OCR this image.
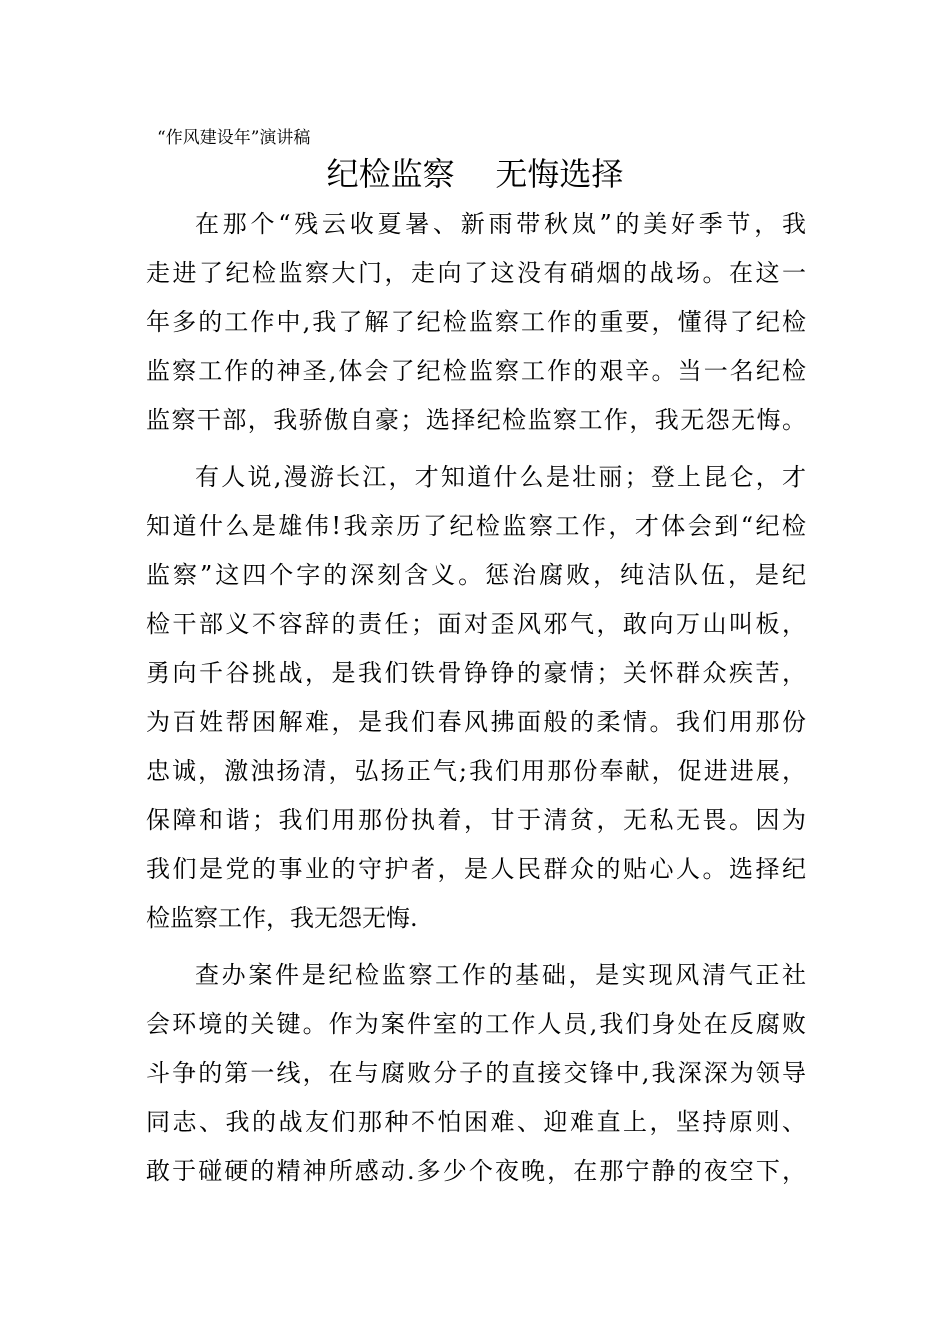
“作风建设年”演讲稿
纪检监察    无悔选择
在那个“残云收夏暑、新雨带秋岚”的美好季节，我
走进了纪检监察大门，走向了这没有硝烟的战场。在这一
年多的工作中,我了解了纪检监察工作的重要，懂得了纪检
监察工作的神圣,体会了纪检监察工作的艰辛。当一名纪检
监察干部，我骄傲自豪；选择纪检监察工作，我无怨无悔。
有人说,漫游长江，才知道什么是壮丽；登上昆仑，才
知道什么是雄伟!我亲历了纪检监察工作，才体会到“纪检
监察”这四个字的深刻含义。惩治腐败，纯洁队伍，是纪
检干部义不容辞的责任；面对歪风邪气，敢向万山叫板，
勇向千谷挑战，是我们铁骨铮铮的豪情；关怀群众疾苦，
为百姓帮困解难，是我们春风拂面般的柔情。我们用那份
忠诚，激浊扬清，弘扬正气;我们用那份奉献，促进进展，
保障和谐；我们用那份执着，甘于清贫，无私无畏。因为
我们是党的事业的守护者，是人民群众的贴心人。选择纪
检监察工作，我无怨无悔.
查办案件是纪检监察工作的基础，是实现风清气正社
会环境的关键。作为案件室的工作人员,我们身处在反腐败
斗争的第一线，在与腐败分子的直接交锋中,我深深为领导
同志、我的战友们那种不怕困难、迎难直上，坚持原则、
敢于碰硬的精神所感动.多少个夜晚，在那宁静的夜空下，
